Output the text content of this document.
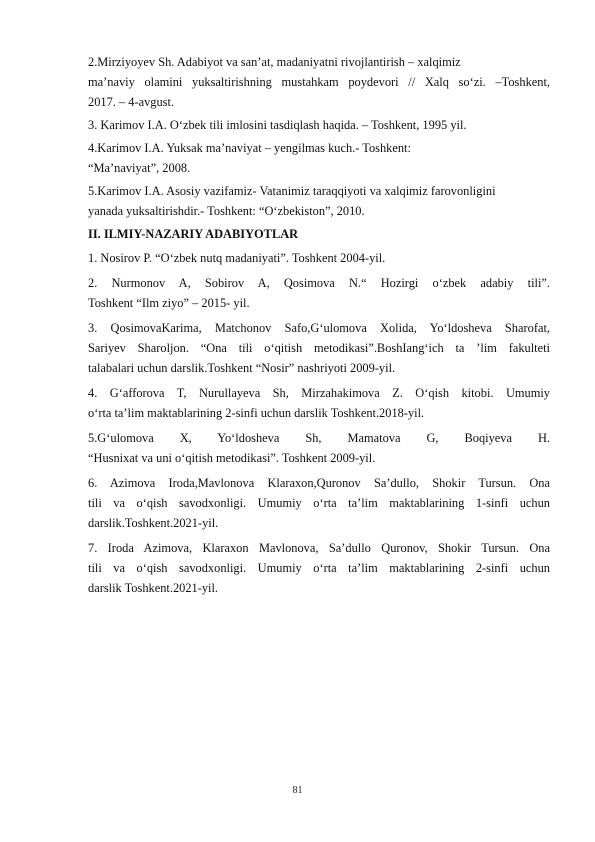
2.Mirziyoyev Sh. Adabiyot va san’at, madaniyatni rivojlantirish – xalqimiz
ma’naviy olamini yuksaltirishning mustahkam poydevori // Xalq so‘zi. –Toshkent,
2017. – 4-avgust.
3. Karimov I.A. O‘zbek tili imlosini tasdiqlash haqida. – Toshkent, 1995 yil.
4.Karimov I.A. Yuksak ma’naviyat – yengilmas kuch.- Toshkent:
“Ma’naviyat”, 2008.
5.Karimov I.A. Asosiy vazifamiz- Vatanimiz taraqqiyoti va xalqimiz farovonligini
yanada yuksaltirishdir.- Toshkent: “O‘zbekiston”, 2010.
II. ILMIY-NAZARIY ADABIYOTLAR
1. Nosirov P. “O‘zbek nutq madaniyati”. Toshkent 2004-yil.
2. Nurmonov A, Sobirov A, Qosimova N.“ Hozirgi o‘zbek adabiy tili”.
Toshkent “Ilm ziyo” – 2015- yil.
3. QosimovaKarima, Matchonov Safo,G‘ulomova Xolida, Yo‘ldosheva Sharofat,
Sariyev Sharoljon. “Ona tili o‘qitish metodikasi”.BoshIang‘ich ta ’lim fakulteti
talabalari uchun darslik.Toshkent “Nosir” nashriyoti 2009-yil.
4. G‘afforova T, Nurullayeva Sh, Mirzahakimova Z. O‘qish kitobi. Umumiy
o‘rta ta’lim maktablarining 2-sinfi uchun darslik Toshkent.2018-yil.
5.G‘ulomova X, Yo‘ldosheva Sh, Mamatova G, Boqiyeva H.
“Husnixat va uni o‘qitish metodikasi”. Toshkent 2009-yil.
6. Azimova Iroda,Mavlonova Klaraxon,Quronov Sa’dullo, Shokir Tursun. Ona
tili va o‘qish savodxonligi. Umumiy o‘rta ta’lim maktablarining 1-sinfi uchun
darslik.Toshkent.2021-yil.
7. Iroda Azimova, Klaraxon Mavlonova, Sa’dullo Quronov, Shokir Tursun. Ona
tili va o‘qish savodxonligi. Umumiy o‘rta ta’lim maktablarining 2-sinfi uchun
darslik Toshkent.2021-yil.
81
